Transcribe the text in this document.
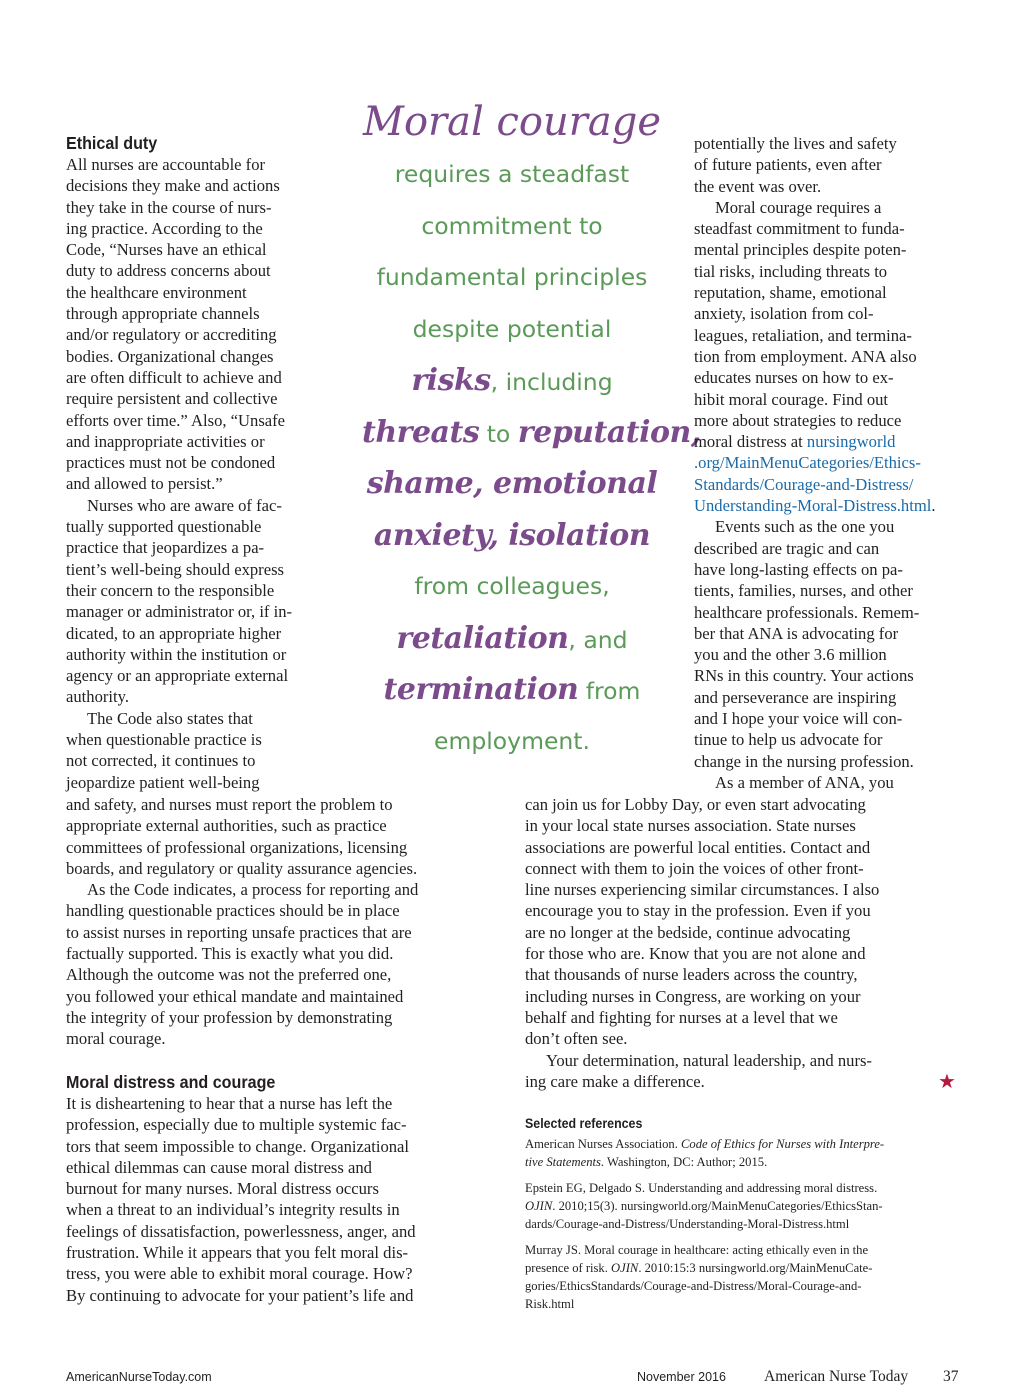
Ethical duty

All nurses are accountable for

decisions they make and actions

they take in the course of nurs-

ing practice. According to the

Code, “Nurses have an ethical

duty to address concerns about

the healthcare environment

through appropriate channels

and/or regulatory or accrediting

bodies. Organizational changes

are often difficult to achieve and

require persistent and collective

efforts over time.” Also, “Unsafe

and inappropriate activities or

practices must not be condoned

and allowed to persist.”

Nurses who are aware of fac-

tually supported questionable

practice that jeopardizes a pa-

tient’s well-being should express

their concern to the responsible

manager or administrator or, if in-

dicated, to an appropriate higher

authority within the institution or

agency or an appropriate external

authority.

The Code also states that

when questionable practice is

not corrected, it continues to

jeopardize patient well-being

and safety, and nurses must report the problem to

appropriate external authorities, such as practice

committees of professional organizations, licensing

boards, and regulatory or quality assurance agencies.

As the Code indicates, a process for reporting and

handling questionable practices should be in place

to assist nurses in reporting unsafe practices that are

factually supported. This is exactly what you did.

Although the outcome was not the preferred one,

you followed your ethical mandate and maintained

the integrity of your profession by demonstrating

moral courage.

Moral distress and courage

It is disheartening to hear that a nurse has left the

profession, especially due to multiple systemic fac-

tors that seem impossible to change. Organizational

ethical dilemmas can cause moral distress and

burnout for many nurses. Moral distress occurs

when a threat to an individual’s integrity results in

feelings of dissatisfaction, powerlessness, anger, and

frustration. While it appears that you felt moral dis-

tress, you were able to exhibit moral courage. How?

By continuing to advocate for your patient’s life and

Moral courage
requires a steadfast
commitment to
fundamental principles
despite potential
risks, including
threats to reputation,
shame, emotional
anxiety, isolation
from colleagues,
retaliation, and
termination from
employment.

potentially the lives and safety

of future patients, even after

the event was over.

Moral courage requires a

steadfast commitment to funda-

mental principles despite poten-

tial risks, including threats to

reputation, shame, emotional

anxiety, isolation from col-

leagues, retaliation, and termina-

tion from employment. ANA also

educates nurses on how to ex-

hibit moral courage. Find out

more about strategies to reduce

moral distress at nursingworld

.org/MainMenuCategories/Ethics-

Standards/Courage-and-Distress/

Understanding-Moral-Distress.html.

Events such as the one you

described are tragic and can

have long-lasting effects on pa-

tients, families, nurses, and other

healthcare professionals. Remem-

ber that ANA is advocating for

you and the other 3.6 million

RNs in this country. Your actions

and perseverance are inspiring

and I hope your voice will con-

tinue to help us advocate for

change in the nursing profession.

As a member of ANA, you

can join us for Lobby Day, or even start advocating

in your local state nurses association. State nurses

associations are powerful local entities. Contact and

connect with them to join the voices of other front-

line nurses experiencing similar circumstances. I also

encourage you to stay in the profession. Even if you

are no longer at the bedside, continue advocating

for those who are. Know that you are not alone and

that thousands of nurse leaders across the country,

including nurses in Congress, are working on your

behalf and fighting for nurses at a level that we

don’t often see.

Your determination, natural leadership, and nurs-

ing care make a difference.	★
Selected references

American Nurses Association. Code of Ethics for Nurses with Interpre-
tive Statements. Washington, DC: Author; 2015.

Epstein EG, Delgado S. Understanding and addressing moral distress.
OJIN. 2010;15(3). nursingworld.org/MainMenuCategories/EthicsStan-
dards/Courage-and-Distress/Understanding-Moral-Distress.html

Murray JS. Moral courage in healthcare: acting ethically even in the
presence of risk. OJIN. 2010:15:3 nursingworld.org/MainMenuCate-
gories/EthicsStandards/Courage-and-Distress/Moral-Courage-and-
Risk.html

AmericanNurseToday.com	November 2016 American Nurse Today 37
